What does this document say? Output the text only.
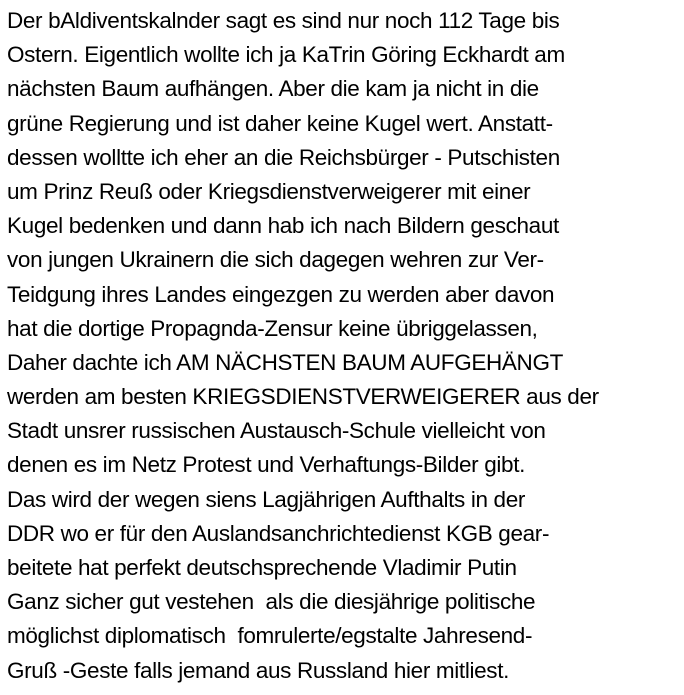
Der bAldiventskalnder sagt es sind nur noch 112 Tage bis
Ostern. Eigentlich wollte ich ja KaTrin Göring Eckhardt am
nächsten Baum aufhängen. Aber die kam ja nicht in die
grüne Regierung und ist daher keine Kugel wert. Anstatt-
dessen wolltte ich eher an die Reichsbürger - Putschisten
um Prinz Reuß oder Kriegsdienstverweigerer mit einer
Kugel bedenken und dann hab ich nach Bildern geschaut
von jungen Ukrainern die sich dagegen wehren zur Ver-
Teidgung ihres Landes eingezgen zu werden aber davon
hat die dortige Propagnda-Zensur keine übriggelassen,
Daher dachte ich AM NÄCHSTEN BAUM AUFGEHÄNGT
werden am besten KRIEGSDIENSTVERWEIGERER aus der
Stadt unsrer russischen Austausch-Schule vielleicht von
denen es im Netz Protest und Verhaftungs-Bilder gibt.
Das wird der wegen siens Lagjährigen Aufthalts in der
DDR wo er für den Auslandsanchrichtedienst KGB gear-
beitete hat perfekt deutschsprechende Vladimir Putin
Ganz sicher gut vestehen  als die diesjährige politische
möglichst diplomatisch  fomrulerte/egstalte Jahresend-
Gruß -Geste falls jemand aus Russland hier mitliest.
